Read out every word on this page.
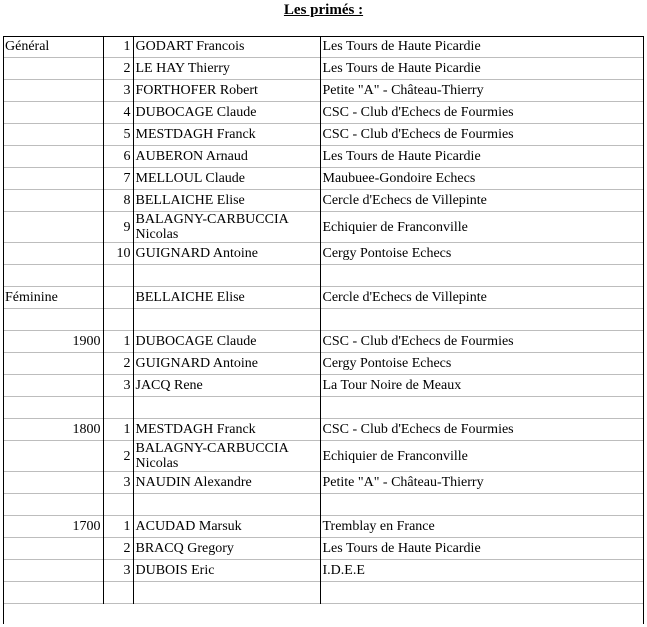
Les primés :
Général	1	GODART Francois	Les Tours de Haute Picardie
	2	LE HAY Thierry	Les Tours de Haute Picardie
	3	FORTHOFER Robert	Petite "A" - Château-Thierry
	4	DUBOCAGE Claude	CSC - Club d'Echecs de Fourmies
	5	MESTDAGH Franck	CSC - Club d'Echecs de Fourmies
	6	AUBERON Arnaud	Les Tours de Haute Picardie
	7	MELLOUL Claude	Maubuee-Gondoire Echecs
	8	BELLAICHE Elise	Cercle d'Echecs de Villepinte
	9	BALAGNY-CARBUCCIA Nicolas	Echiquier de Franconville
	10	GUIGNARD Antoine	Cergy Pontoise Echecs

Féminine		BELLAICHE Elise	Cercle d'Echecs de Villepinte

1900	1	DUBOCAGE Claude	CSC - Club d'Echecs de Fourmies
	2	GUIGNARD Antoine	Cergy Pontoise Echecs
	3	JACQ Rene	La Tour Noire de Meaux

1800	1	MESTDAGH Franck	CSC - Club d'Echecs de Fourmies
	2	BALAGNY-CARBUCCIA Nicolas	Echiquier de Franconville
	3	NAUDIN Alexandre	Petite "A" - Château-Thierry

1700	1	ACUDAD Marsuk	Tremblay en France
	2	BRACQ Gregory	Les Tours de Haute Picardie
	3	DUBOIS Eric	I.D.E.E
